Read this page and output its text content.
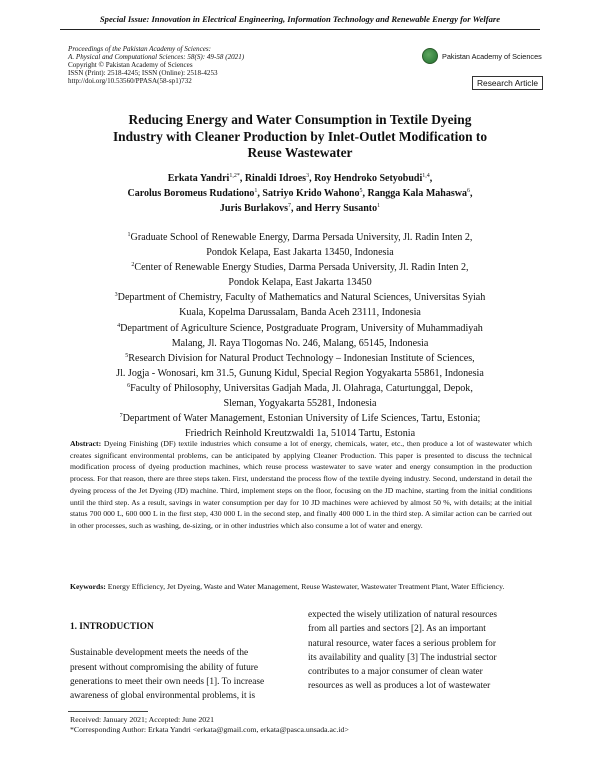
Special Issue: Innovation in Electrical Engineering, Information Technology and Renewable Energy for Welfare
Proceedings of the Pakistan Academy of Sciences:
A. Physical and Computational Sciences: 58(S): 49-58 (2021)
Copyright © Pakistan Academy of Sciences
ISSN (Print): 2518-4245; ISSN (Online): 2518-4253
http://doi.org/10.53560/PPASA(58-sp1)732
Pakistan Academy of Sciences
Research Article
Reducing Energy and Water Consumption in Textile Dyeing
Industry with Cleaner Production by Inlet-Outlet Modification to
Reuse Wastewater
Erkata Yandri$^{1,2*}$, Rinaldi Idroes$^3$, Roy Hendroko Setyobudi$^{1,4}$,
Carolus Boromeus Rudationo$^1$, Satriyo Krido Wahono$^5$, Rangga Kala Mahaswa$^6$,
Juris Burlakovs$^7$, and Herry Susanto$^1$
$^1$Graduate School of Renewable Energy, Darma Persada University, Jl. Radin Inten 2,
Pondok Kelapa, East Jakarta 13450, Indonesia
$^2$Center of Renewable Energy Studies, Darma Persada University, Jl. Radin Inten 2,
Pondok Kelapa, East Jakarta 13450
$^3$Department of Chemistry, Faculty of Mathematics and Natural Sciences, Universitas Syiah
Kuala, Kopelma Darussalam, Banda Aceh 23111, Indonesia
$^4$Department of Agriculture Science, Postgraduate Program, University of Muhammadiyah
Malang, Jl. Raya Tlogomas No. 246, Malang, 65145, Indonesia
$^5$Research Division for Natural Product Technology – Indonesian Institute of Sciences,
Jl. Jogja - Wonosari, km 31.5, Gunung Kidul, Special Region Yogyakarta 55861, Indonesia
$^6$Faculty of Philosophy, Universitas Gadjah Mada, Jl. Olahraga, Caturtunggal, Depok,
Sleman, Yogyakarta 55281, Indonesia
$^7$Department of Water Management, Estonian University of Life Sciences, Tartu, Estonia;
Friedrich Reinhold Kreutzwaldi 1a, 51014 Tartu, Estonia
Abstract: Dyeing Finishing (DF) textile industries which consume a lot of energy, chemicals, water, etc., then produce a lot of wastewater which creates significant environmental problems, can be anticipated by applying Cleaner Production. This paper is presented to discuss the technical modification process of dyeing production machines, which reuse process wastewater to save water and energy consumption in the production process. For that reason, there are three steps taken. First, understand the process flow of the textile dyeing industry. Second, understand in detail the dyeing process of the Jet Dyeing (JD) machine. Third, implement steps on the floor, focusing on the JD machine, starting from the initial conditions until the third step. As a result, savings in water consumption per day for 10 JD machines were achieved by almost 50 %, with details; at the initial status 700 000 L, 600 000 L in the first step, 430 000 L in the second step, and finally 400 000 L in the third step. A similar action can be carried out in other processes, such as washing, de-sizing, or in other industries which also consume a lot of water and energy.
Keywords: Energy Efficiency, Jet Dyeing, Waste and Water Management, Reuse Wastewater, Wastewater Treatment Plant, Water Efficiency.
1. INTRODUCTION
Sustainable development meets the needs of the
present without compromising the ability of future
generations to meet their own needs [1]. To increase
awareness of global environmental problems, it is
expected the wisely utilization of natural resources
from all parties and sectors [2]. As an important
natural resource, water faces a serious problem for
its availability and quality [3] The industrial sector
contributes to a major consumer of clean water
resources as well as produces a lot of wastewater
Received: January 2021; Accepted: June 2021
*Corresponding Author: Erkata Yandri <erkata@gmail.com, erkata@pasca.unsada.ac.id>
